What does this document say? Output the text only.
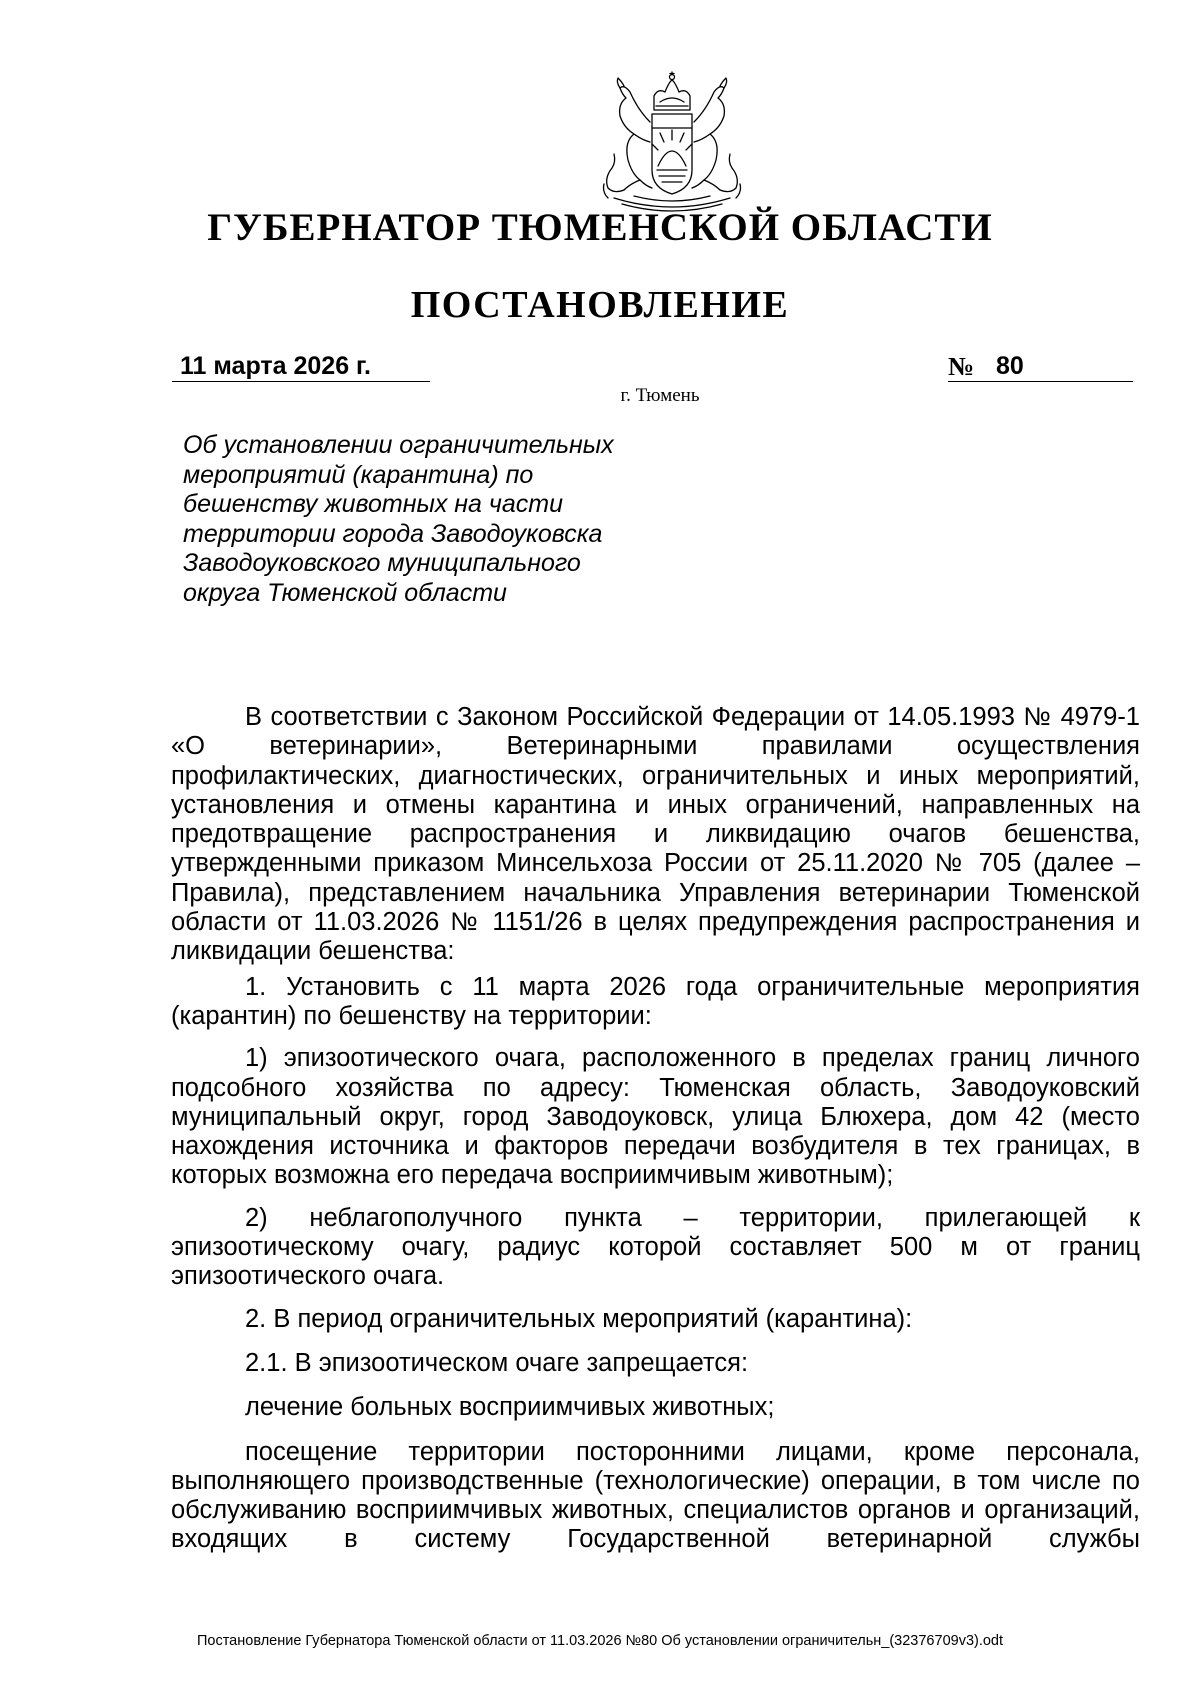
ГУБЕРНАТОР ТЮМЕНСКОЙ ОБЛАСТИ
ПОСТАНОВЛЕНИЕ
11 марта 2026 г.	№ 80
г. Тюмень
Об установлении ограничительных
мероприятий (карантина) по
бешенству животных на части
территории города Заводоуковска
Заводоуковского муниципального
округа Тюменской области

В соответствии с Законом Российской Федерации от 14.05.1993 № 4979-1 «О ветеринарии», Ветеринарными правилами осуществления профилактических, диагностических, ограничительных и иных мероприятий, установления и отмены карантина и иных ограничений, направленных на предотвращение распространения и ликвидацию очагов бешенства, утвержденными приказом Минсельхоза России от 25.11.2020 № 705 (далее – Правила), представлением начальника Управления ветеринарии Тюменской области от 11.03.2026 № 1151/26 в целях предупреждения распространения и ликвидации бешенства:

1. Установить с 11 марта 2026 года ограничительные мероприятия (карантин) по бешенству на территории:

1) эпизоотического очага, расположенного в пределах границ личного подсобного хозяйства по адресу: Тюменская область, Заводоуковский муниципальный округ, город Заводоуковск, улица Блюхера, дом 42 (место нахождения источника и факторов передачи возбудителя в тех границах, в которых возможна его передача восприимчивым животным);

2) неблагополучного пункта – территории, прилегающей к эпизоотическому очагу, радиус которой составляет 500 м от границ эпизоотического очага.

2. В период ограничительных мероприятий (карантина):

2.1. В эпизоотическом очаге запрещается:

лечение больных восприимчивых животных;

посещение территории посторонними лицами, кроме персонала, выполняющего производственные (технологические) операции, в том числе по обслуживанию восприимчивых животных, специалистов органов и организаций, входящих в систему Государственной ветеринарной службы

Постановление Губернатора Тюменской области от 11.03.2026 №80 Об установлении ограничительн_(32376709v3).odt
